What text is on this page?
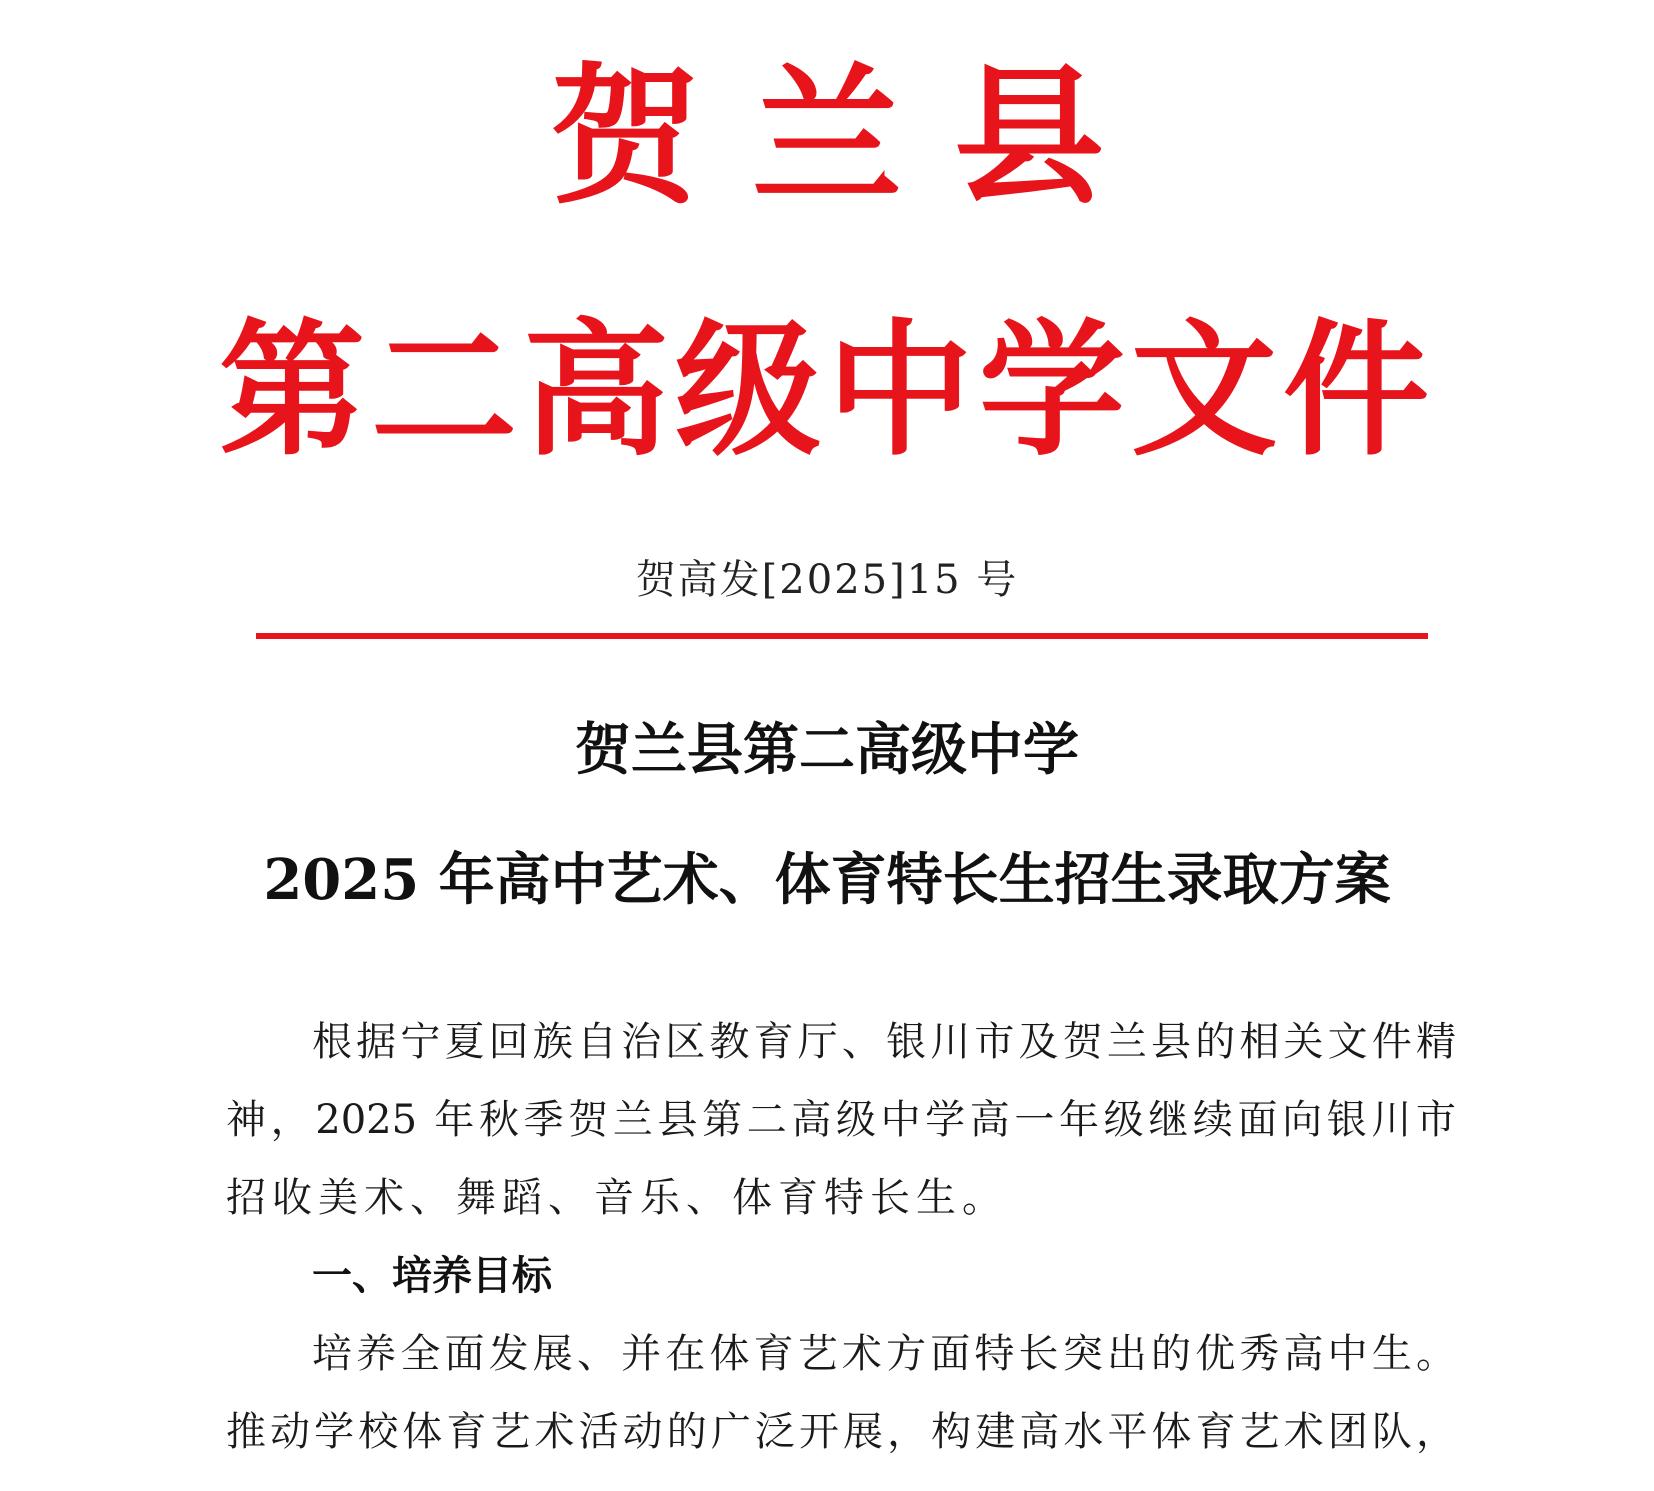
贺兰县
第二高级中学文件
贺高发[2025]15 号
贺兰县第二高级中学
2025 年高中艺术、体育特长生招生录取方案
根据宁夏回族自治区教育厅、银川市及贺兰县的相关文件精
神，2025 年秋季贺兰县第二高级中学高一年级继续面向银川市
招收美术、舞蹈、音乐、体育特长生。
一、培养目标
培养全面发展、并在体育艺术方面特长突出的优秀高中生。
推动学校体育艺术活动的广泛开展，构建高水平体育艺术团队，
